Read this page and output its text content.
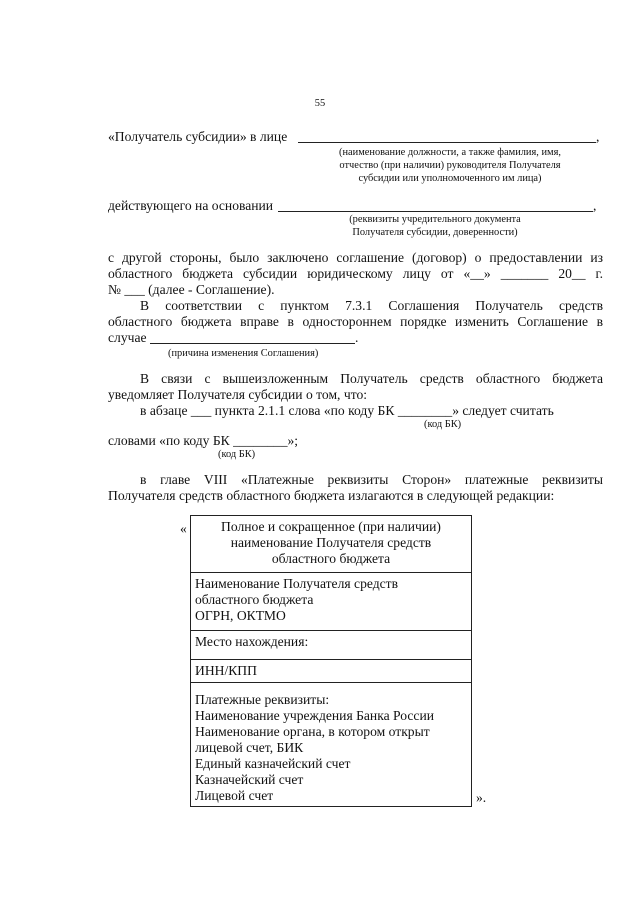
55
«Получатель субсидии» в лице	,
(наименование должности, а также фамилия, имя,
отчество (при наличии) руководителя Получателя
субсидии или уполномоченного им лица)
действующего на основании	,
(реквизиты учредительного документа
Получателя субсидии, доверенности)
с другой стороны, было заключено соглашение (договор) о предоставлении из
областного бюджета субсидии юридическому лицу от «__» _______ 20__ г.
№ ___ (далее - Соглашение).
В соответствии с пунктом 7.3.1 Соглашения Получатель средств
областного бюджета вправе в одностороннем порядке изменить Соглашение в
случае	.
(причина изменения Соглашения)
В связи с вышеизложенным Получатель средств областного бюджета
уведомляет Получателя субсидии о том, что:
в абзаце ___ пункта 2.1.1 слова «по коду БК ________» следует считать
(код БК)
словами «по коду БК ________»;
(код БК)
в главе VIII «Платежные реквизиты Сторон» платежные реквизиты
Получателя средств областного бюджета излагаются в следующей редакции:
«	Полное и сокращенное (при наличии)
наименование Получателя средств
областного бюджета

Наименование Получателя средств
областного бюджета
ОГРН, ОКТМО

Место нахождения:

ИНН/КПП

Платежные реквизиты:
Наименование учреждения Банка России
Наименование органа, в котором открыт
лицевой счет, БИК
Единый казначейский счет
Казначейский счет
Лицевой счет	».
